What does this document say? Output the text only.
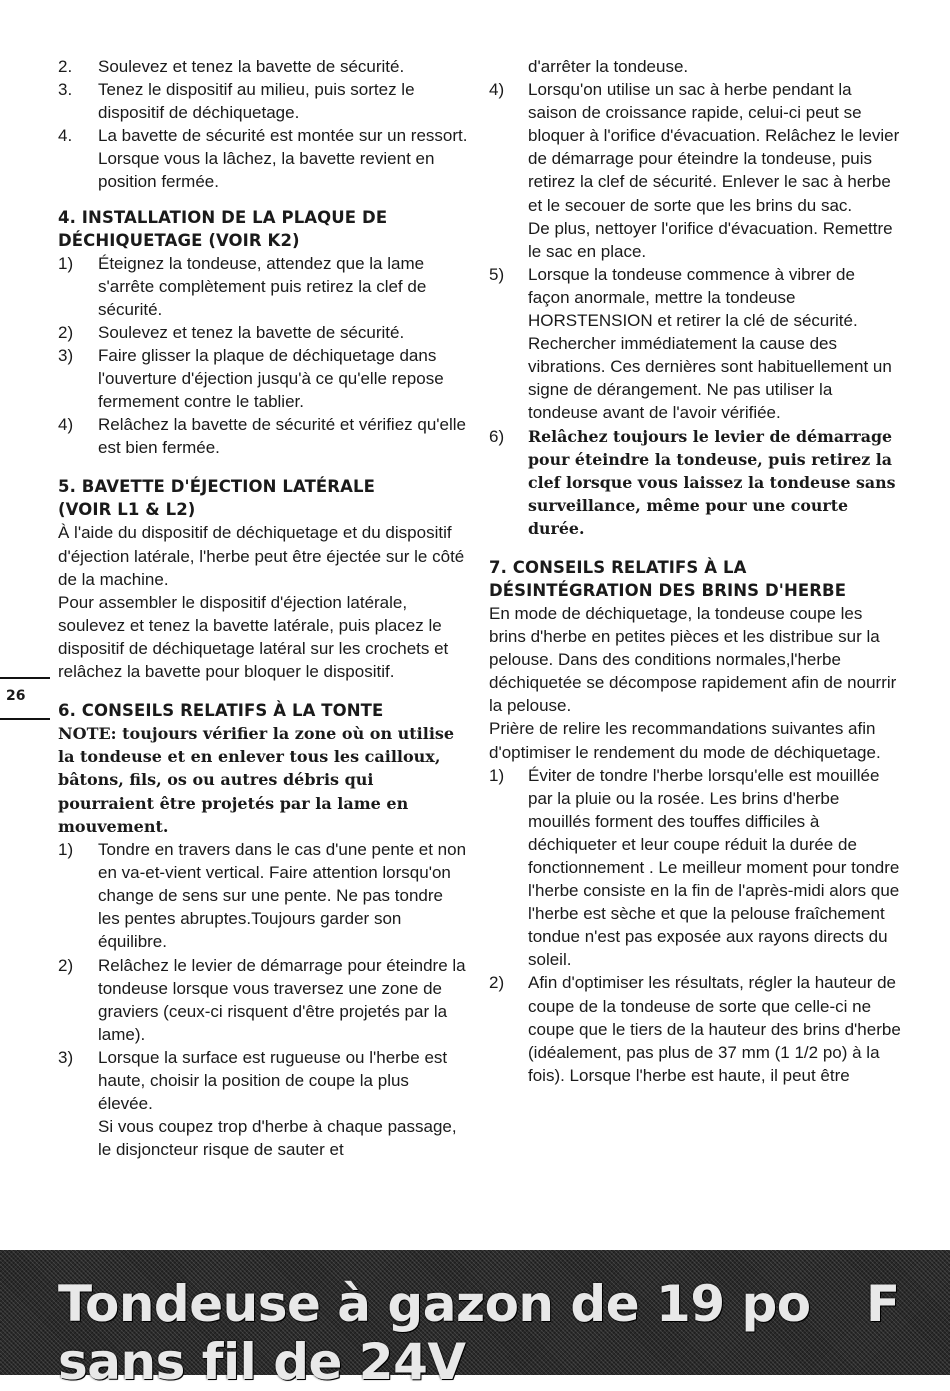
2. Soulevez et tenez la bavette de sécurité.
3. Tenez le dispositif au milieu, puis sortez le dispositif de déchiquetage.
4. La bavette de sécurité est montée sur un ressort. Lorsque vous la lâchez, la bavette revient en position fermée.
4. INSTALLATION DE LA PLAQUE DE
DÉCHIQUETAGE (VOIR K2)
1) Éteignez la tondeuse, attendez que la lame s'arrête complètement puis retirez la clef de sécurité.
2) Soulevez et tenez la bavette de sécurité.
3) Faire glisser la plaque de déchiquetage dans l'ouverture d'éjection jusqu'à ce qu'elle repose fermement contre le tablier.
4) Relâchez la bavette de sécurité et vérifiez qu'elle est bien fermée.
5. BAVETTE D'ÉJECTION LATÉRALE
(VOIR L1 & L2)

À l'aide du dispositif de déchiquetage et du dispositif d'éjection latérale, l'herbe peut être éjectée sur le côté de la machine.

Pour assembler le dispositif d'éjection latérale, soulevez et tenez la bavette latérale, puis placez le dispositif de déchiquetage latéral sur les crochets et relâchez la bavette pour bloquer le dispositif.

6. CONSEILS RELATIFS À LA TONTE

NOTE: toujours vérifier la zone où on utilise la tondeuse et en enlever tous les cailloux, bâtons, fils, os ou autres débris qui pourraient être projetés par la lame en mouvement.

1) Tondre en travers dans le cas d'une pente et non en va-et-vient vertical. Faire attention lorsqu'on change de sens sur une pente. Ne pas tondre les pentes abruptes.Toujours garder son équilibre.
2) Relâchez le levier de démarrage pour éteindre la tondeuse lorsque vous traversez une zone de graviers (ceux-ci risquent d'être projetés par la lame).
3) Lorsque la surface est rugueuse ou l'herbe est haute, choisir la position de coupe la plus élevée.
Si vous coupez trop d'herbe à chaque passage, le disjoncteur risque de sauter et
d'arrêter la tondeuse.
4) Lorsqu'on utilise un sac à herbe pendant la saison de croissance rapide, celui-ci peut se bloquer à l'orifice d'évacuation. Relâchez le levier de démarrage pour éteindre la tondeuse, puis retirez la clef de sécurité. Enlever le sac à herbe et le secouer de sorte que les brins du sac.
De plus, nettoyer l'orifice d'évacuation. Remettre le sac en place.
5) Lorsque la tondeuse commence à vibrer de façon anormale, mettre la tondeuse HORSTENSION et retirer la clé de sécurité. Rechercher immédiatement la cause des vibrations. Ces dernières sont habituellement un signe de dérangement. Ne pas utiliser la tondeuse avant de l'avoir vérifiée.
6) Relâchez toujours le levier de démarrage pour éteindre la tondeuse, puis retirez la clef lorsque vous laissez la tondeuse sans surveillance, même pour une courte durée.
7. CONSEILS RELATIFS À LA
DÉSINTÉGRATION DES BRINS D'HERBE

En mode de déchiquetage, la tondeuse coupe les brins d'herbe en petites pièces et les distribue sur la pelouse. Dans des conditions normales,l'herbe déchiquetée se décompose rapidement afin de nourrir la pelouse.

Prière de relire les recommandations suivantes afin d'optimiser le rendement du mode de déchiquetage.

1) Éviter de tondre l'herbe lorsqu'elle est mouillée par la pluie ou la rosée. Les brins d'herbe mouillés forment des touffes difficiles à déchiqueter et leur coupe réduit la durée de fonctionnement . Le meilleur moment pour tondre l'herbe consiste en la fin de l'après-midi alors que l'herbe est sèche et que la pelouse fraîchement tondue n'est pas exposée aux rayons directs du soleil.
2) Afin d'optimiser les résultats, régler la hauteur de coupe de la tondeuse de sorte que celle-ci ne coupe que le tiers de la hauteur des brins d'herbe (idéalement, pas plus de 37 mm (1 1/2 po) à la fois). Lorsque l'herbe est haute, il peut être
26
Tondeuse à gazon de 19 po sans fil de 24V
F
